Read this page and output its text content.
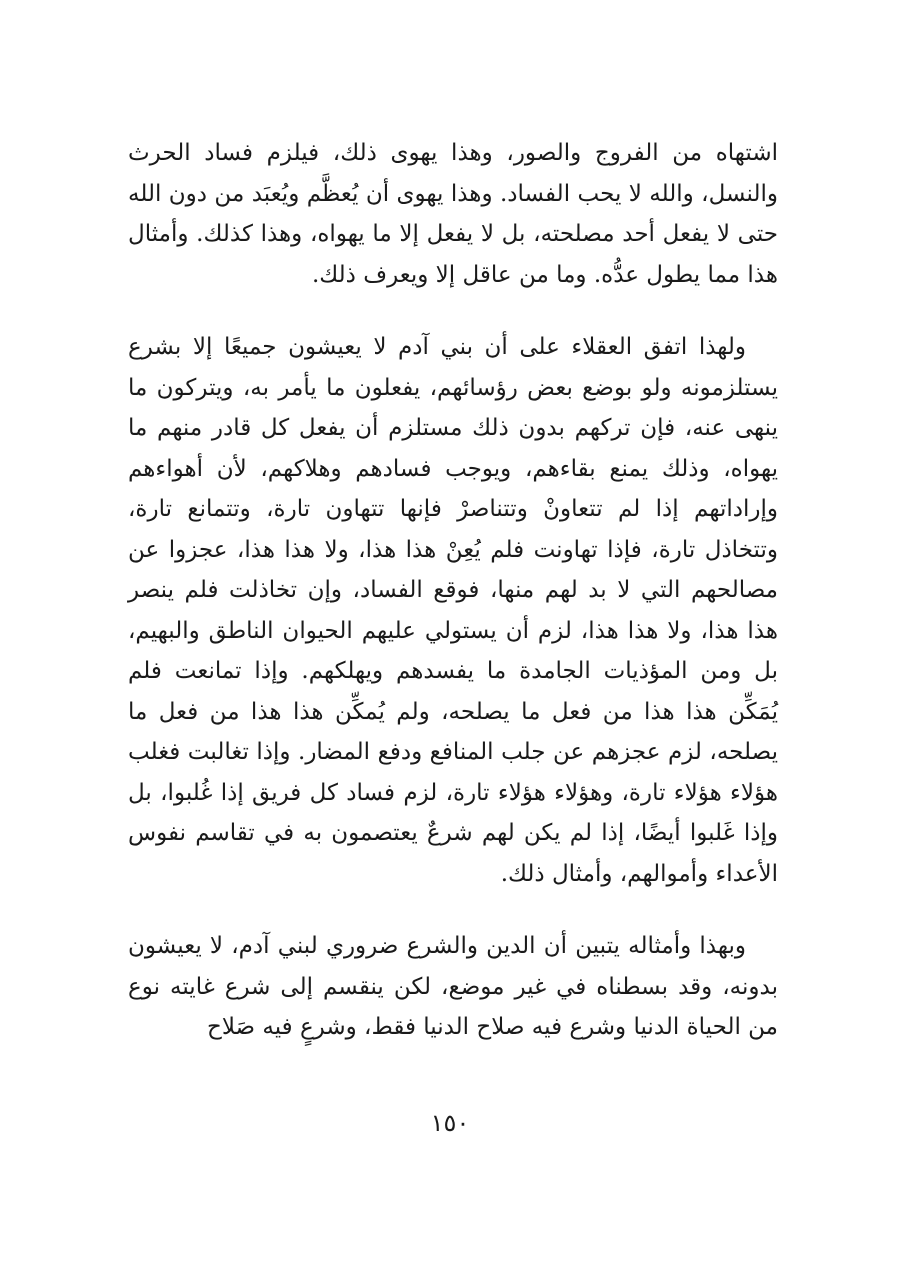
اشتهاه من الفروج والصور، وهذا يهوى ذلك، فيلزم فساد الحرث والنسل، والله لا يحب الفساد. وهذا يهوى أن يُعظَّم ويُعبَد من دون الله حتى لا يفعل أحد مصلحته، بل لا يفعل إلا ما يهواه، وهذا كذلك. وأمثال هذا مما يطول عدُّه. وما من عاقل إلا ويعرف ذلك.

ولهذا اتفق العقلاء على أن بني آدم لا يعيشون جميعًا إلا بشرع يستلزمونه ولو بوضع بعض رؤسائهم، يفعلون ما يأمر به، ويتركون ما ينهى عنه، فإن تركهم بدون ذلك مستلزم أن يفعل كل قادر منهم ما يهواه، وذلك يمنع بقاءهم، ويوجب فسادهم وهلاكهم، لأن أهواءهم وإراداتهم إذا لم تتعاونْ وتتناصرْ فإنها تتهاون تارة، وتتمانع تارة، وتتخاذل تارة، فإذا تهاونت فلم يُعِنْ هذا هذا، ولا هذا هذا، عجزوا عن مصالحهم التي لا بد لهم منها، فوقع الفساد، وإن تخاذلت فلم ينصر هذا هذا، ولا هذا هذا، لزم أن يستولي عليهم الحيوان الناطق والبهيم، بل ومن المؤذيات الجامدة ما يفسدهم ويهلكهم. وإذا تمانعت فلم يُمَكِّن هذا هذا من فعل ما يصلحه، ولم يُمكِّن هذا هذا من فعل ما يصلحه، لزم عجزهم عن جلب المنافع ودفع المضار. وإذا تغالبت فغلب هؤلاء هؤلاء تارة، وهؤلاء هؤلاء تارة، لزم فساد كل فريق إذا غُلبوا، بل وإذا غَلبوا أيضًا، إذا لم يكن لهم شرعٌ يعتصمون به في تقاسم نفوس الأعداء وأموالهم، وأمثال ذلك.

وبهذا وأمثاله يتبين أن الدين والشرع ضروري لبني آدم، لا يعيشون بدونه، وقد بسطناه في غير موضع، لكن ينقسم إلى شرع غايته نوع من الحياة الدنيا وشرع فيه صلاح الدنيا فقط، وشرعٍ فيه صَلاح

١٥٠
